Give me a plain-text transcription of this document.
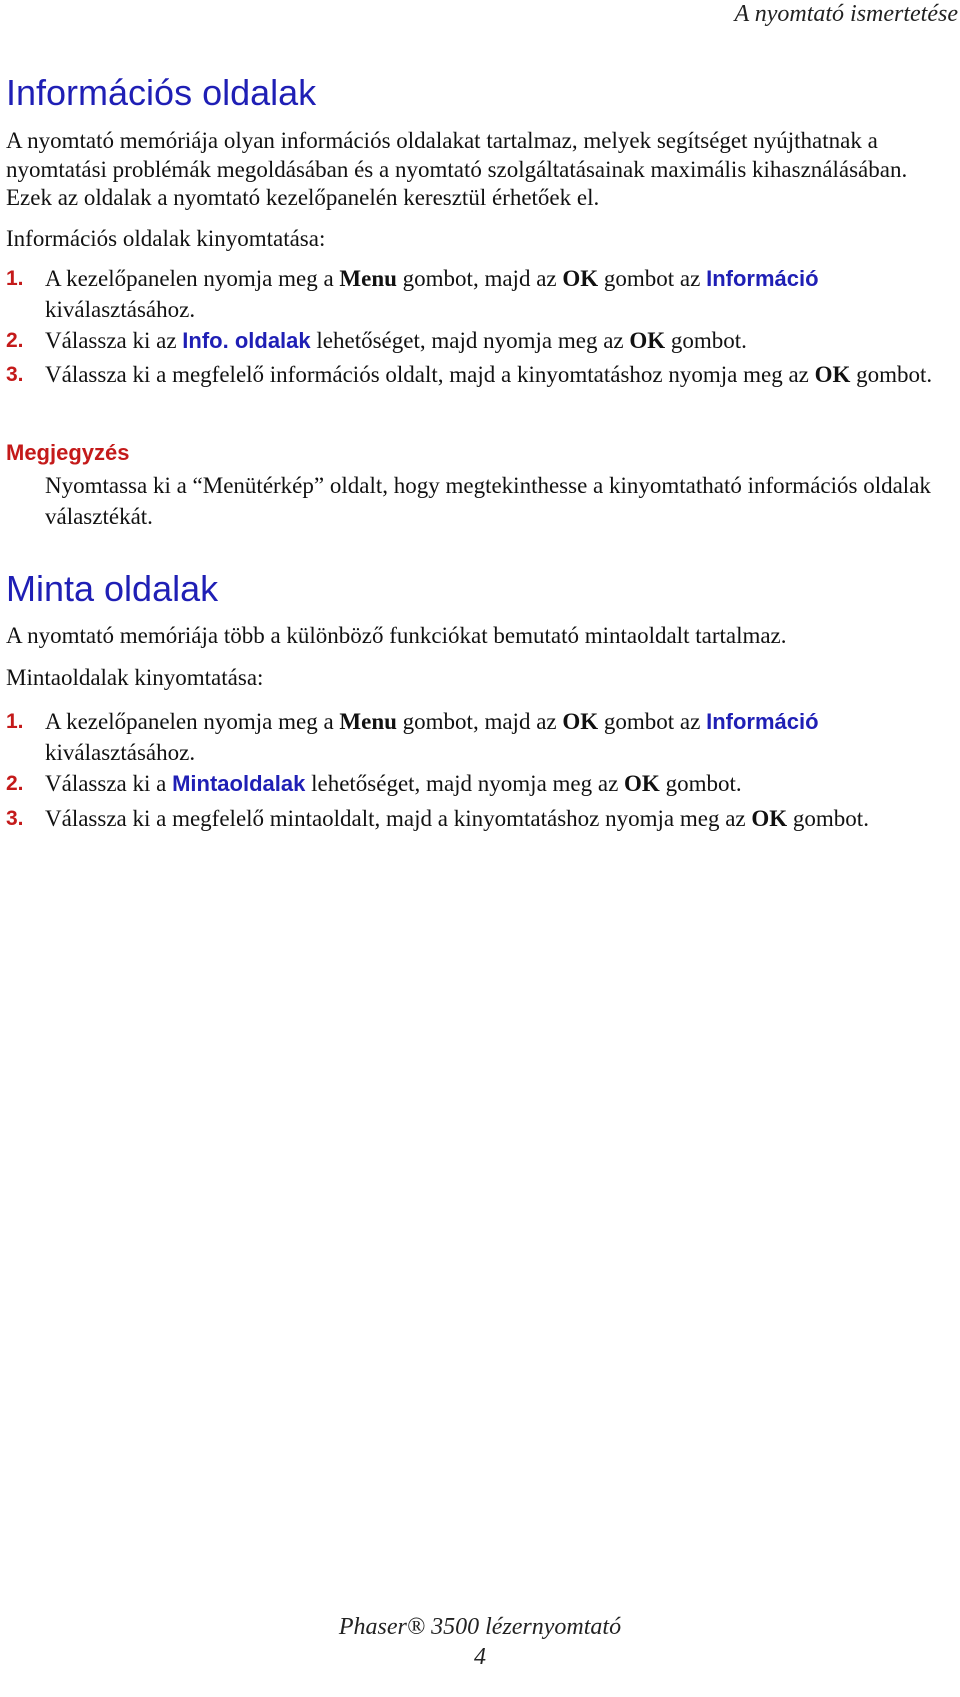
A nyomtató ismertetése
Információs oldalak

A nyomtató memóriája olyan információs oldalakat tartalmaz, melyek segítséget nyújthatnak a nyomtatási problémák megoldásában és a nyomtató szolgáltatásainak maximális kihasználásában. Ezek az oldalak a nyomtató kezelőpanelén keresztül érhetőek el.

Információs oldalak kinyomtatása:

1. A kezelőpanelen nyomja meg a Menu gombot, majd az OK gombot az Információ kiválasztásához.
2. Válassza ki az Info. oldalak lehetőséget, majd nyomja meg az OK gombot.
3. Válassza ki a megfelelő információs oldalt, majd a kinyomtatáshoz nyomja meg az OK gombot.
Megjegyzés
Nyomtassa ki a “Menütérkép” oldalt, hogy megtekinthesse a kinyomtatható információs oldalak választékát.
Minta oldalak

A nyomtató memóriája több a különböző funkciókat bemutató mintaoldalt tartalmaz.

Mintaoldalak kinyomtatása:

1. A kezelőpanelen nyomja meg a Menu gombot, majd az OK gombot az Információ kiválasztásához.
2. Válassza ki a Mintaoldalak lehetőséget, majd nyomja meg az OK gombot.
3. Válassza ki a megfelelő mintaoldalt, majd a kinyomtatáshoz nyomja meg az OK gombot.
Phaser® 3500 lézernyomtató
4
